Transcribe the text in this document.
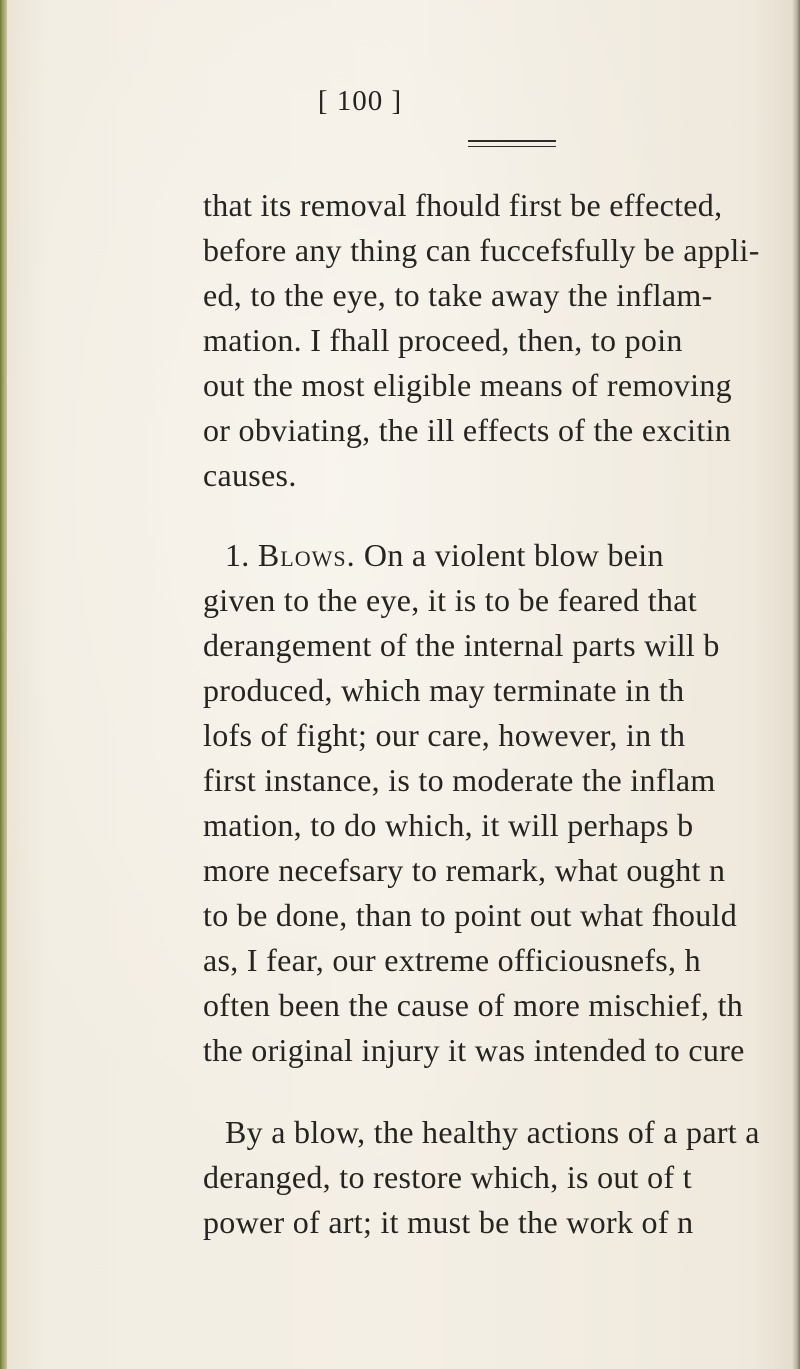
[ 100 ]
that its removal fhould first be effected,
before any thing can fuccefsfully be appli-
ed, to the eye, to take away the inflam-
mation. I fhall proceed, then, to poin
out the most eligible means of removing
or obviating, the ill effects of the excitin
causes.
1. Blows. On a violent blow bein
given to the eye, it is to be feared that
derangement of the internal parts will b
produced, which may terminate in th
lofs of fight; our care, however, in th
first instance, is to moderate the inflam
mation, to do which, it will perhaps b
more necefsary to remark, what ought n
to be done, than to point out what fhould
as, I fear, our extreme officiousnefs, h
often been the cause of more mischief, th
the original injury it was intended to cure
By a blow, the healthy actions of a part a
deranged, to restore which, is out of t
power of art; it must be the work of n
